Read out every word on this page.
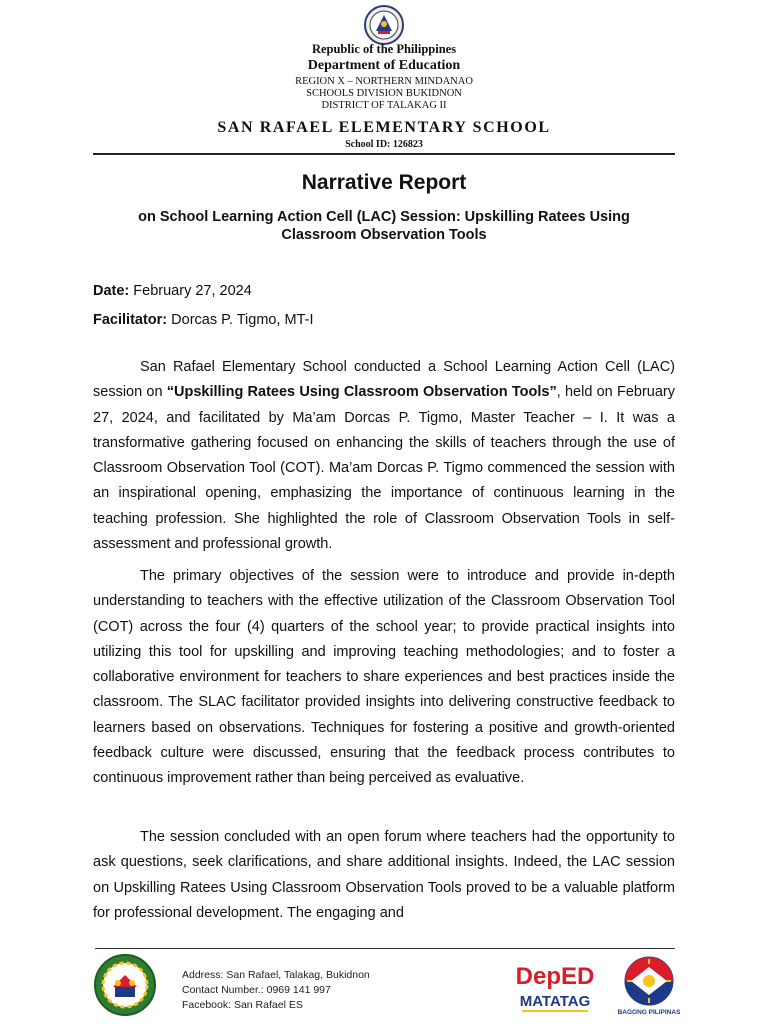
Republic of the Philippines
Department of Education
REGION X – NORTHERN MINDANAO
SCHOOLS DIVISION BUKIDNON
DISTRICT OF TALAKAG II
SAN RAFAEL ELEMENTARY SCHOOL
School ID: 126823
Narrative Report
on School Learning Action Cell (LAC) Session: Upskilling Ratees Using Classroom Observation Tools
Date: February 27, 2024
Facilitator: Dorcas P. Tigmo, MT-I

San Rafael Elementary School conducted a School Learning Action Cell (LAC) session on “Upskilling Ratees Using Classroom Observation Tools”, held on February 27, 2024, and facilitated by Ma’am Dorcas P. Tigmo, Master Teacher – I. It was a transformative gathering focused on enhancing the skills of teachers through the use of Classroom Observation Tool (COT). Ma’am Dorcas P. Tigmo commenced the session with an inspirational opening, emphasizing the importance of continuous learning in the teaching profession. She highlighted the role of Classroom Observation Tools in self-assessment and professional growth.

The primary objectives of the session were to introduce and provide in-depth understanding to teachers with the effective utilization of the Classroom Observation Tool (COT) across the four (4) quarters of the school year; to provide practical insights into utilizing this tool for upskilling and improving teaching methodologies; and to foster a collaborative environment for teachers to share experiences and best practices inside the classroom. The SLAC facilitator provided insights into delivering constructive feedback to learners based on observations. Techniques for fostering a positive and growth-oriented feedback culture were discussed, ensuring that the feedback process contributes to continuous improvement rather than being perceived as evaluative.

The session concluded with an open forum where teachers had the opportunity to ask questions, seek clarifications, and share additional insights. Indeed, the LAC session on Upskilling Ratees Using Classroom Observation Tools proved to be a valuable platform for professional development. The engaging and

Address: San Rafael, Talakag, Bukidnon
Contact Number.: 0969 141 997
Facebook: San Rafael ES
DepED
MATATAG
BAGONG PILIPINAS
